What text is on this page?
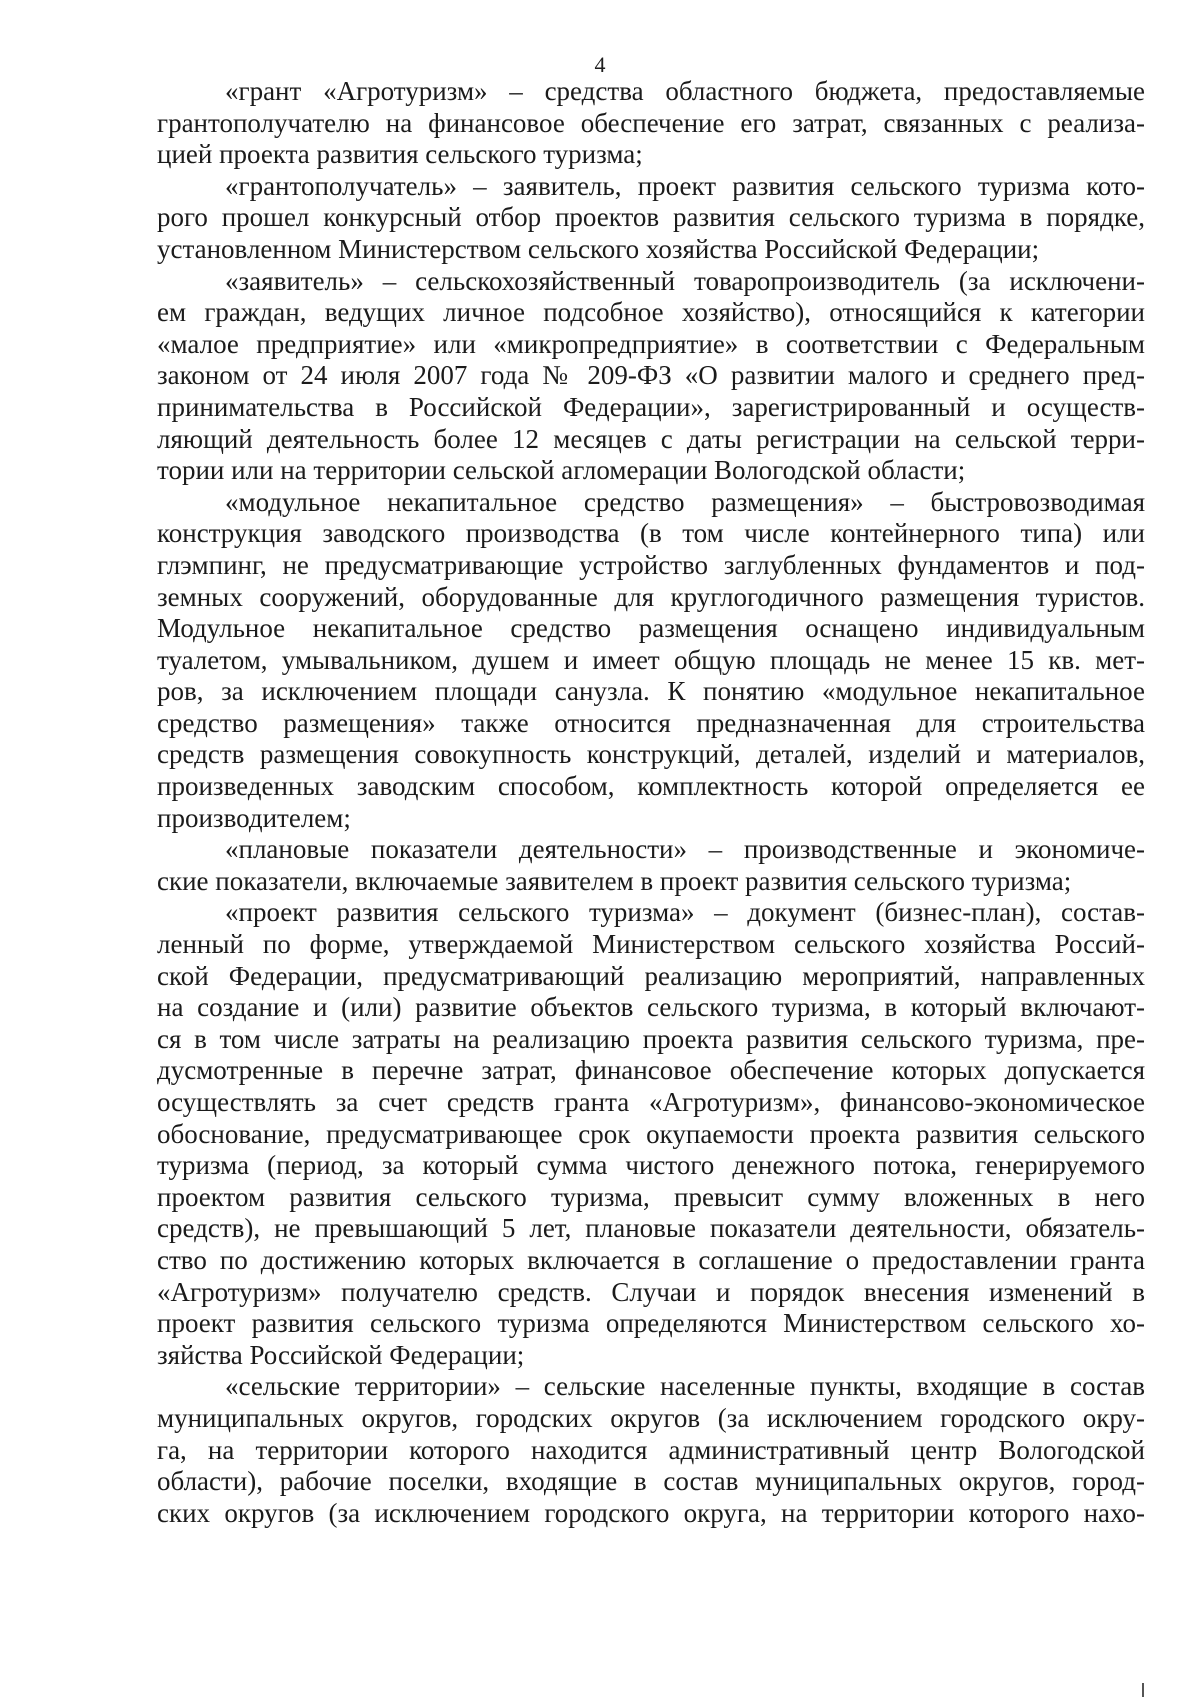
4
«грант «Агротуризм» – средства областного бюджета, предоставляемые
грантополучателю на финансовое обеспечение его затрат, связанных с реализа-
цией проекта развития сельского туризма;
«грантополучатель» – заявитель, проект развития сельского туризма кото-
рого прошел конкурсный отбор проектов развития сельского туризма в порядке,
установленном Министерством сельского хозяйства Российской Федерации;
«заявитель» – сельскохозяйственный товаропроизводитель (за исключени-
ем граждан, ведущих личное подсобное хозяйство), относящийся к категории
«малое предприятие» или «микропредприятие» в соответствии с Федеральным
законом от 24 июля 2007 года № 209-ФЗ «О развитии малого и среднего пред-
принимательства в Российской Федерации», зарегистрированный и осуществ-
ляющий деятельность более 12 месяцев с даты регистрации на сельской терри-
тории или на территории сельской агломерации Вологодской области;
«модульное некапитальное средство размещения» – быстровозводимая
конструкция заводского производства (в том числе контейнерного типа) или
глэмпинг, не предусматривающие устройство заглубленных фундаментов и под-
земных сооружений, оборудованные для круглогодичного размещения туристов.
Модульное некапитальное средство размещения оснащено индивидуальным
туалетом, умывальником, душем и имеет общую площадь не менее 15 кв. мет-
ров, за исключением площади санузла. К понятию «модульное некапитальное
средство размещения» также относится предназначенная для строительства
средств размещения совокупность конструкций, деталей, изделий и материалов,
произведенных заводским способом, комплектность которой определяется ее
производителем;
«плановые показатели деятельности» – производственные и экономиче-
ские показатели, включаемые заявителем в проект развития сельского туризма;
«проект развития сельского туризма» – документ (бизнес-план), состав-
ленный по форме, утверждаемой Министерством сельского хозяйства Россий-
ской Федерации, предусматривающий реализацию мероприятий, направленных
на создание и (или) развитие объектов сельского туризма, в который включают-
ся в том числе затраты на реализацию проекта развития сельского туризма, пре-
дусмотренные в перечне затрат, финансовое обеспечение которых допускается
осуществлять за счет средств гранта «Агротуризм», финансово-экономическое
обоснование, предусматривающее срок окупаемости проекта развития сельского
туризма (период, за который сумма чистого денежного потока, генерируемого
проектом развития сельского туризма, превысит сумму вложенных в него
средств), не превышающий 5 лет, плановые показатели деятельности, обязатель-
ство по достижению которых включается в соглашение о предоставлении гранта
«Агротуризм» получателю средств. Случаи и порядок внесения изменений в
проект развития сельского туризма определяются Министерством сельского хо-
зяйства Российской Федерации;
«сельские территории» – сельские населенные пункты, входящие в состав
муниципальных округов, городских округов (за исключением городского окру-
га, на территории которого находится административный центр Вологодской
области), рабочие поселки, входящие в состав муниципальных округов, город-
ских округов (за исключением городского округа, на территории которого нахо-
